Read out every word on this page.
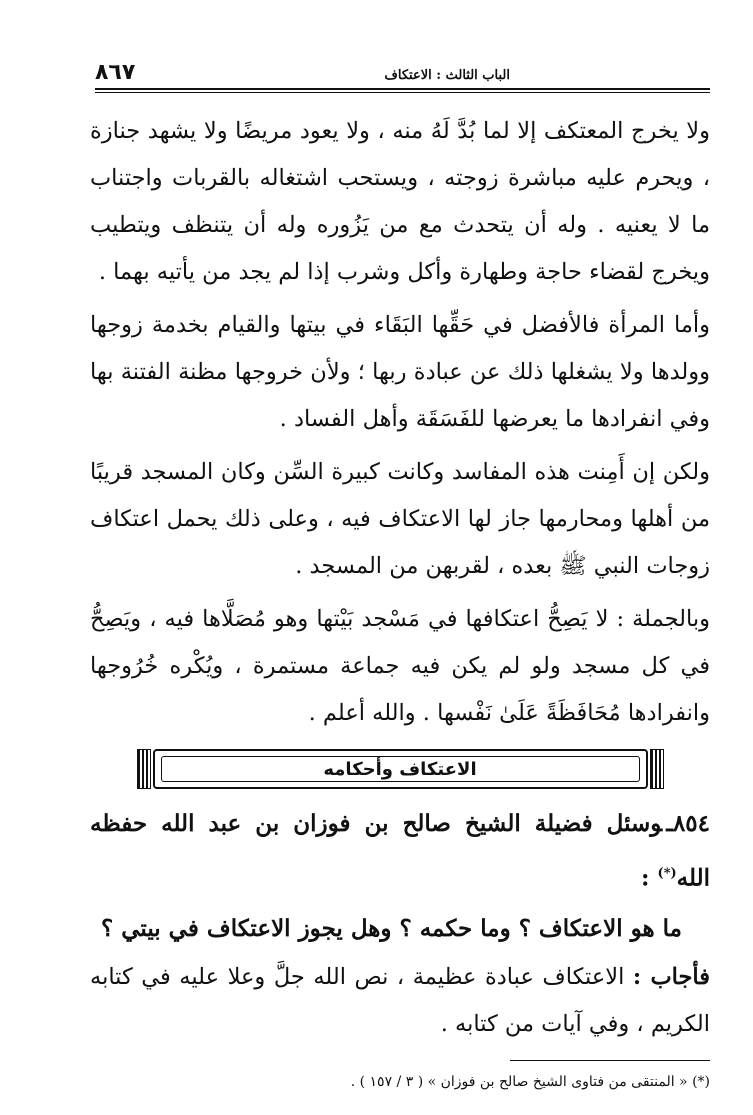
٨٦٧	الباب الثالث : الاعتكاف

ولا يخرج المعتكف إلا لما بُدَّ لَهُ منه ، ولا يعود مريضًا ولا يشهد جنازة ، ويحرم عليه مباشرة زوجته ، ويستحب اشتغاله بالقربات واجتناب ما لا يعنيه . وله أن يتحدث مع من يَزُوره وله أن يتنظف ويتطيب ويخرج لقضاء حاجة وطهارة وأكل وشرب إذا لم يجد من يأتيه بهما .

وأما المرأة فالأفضل في حَقِّها البَقَاء في بيتها والقيام بخدمة زوجها وولدها ولا يشغلها ذلك عن عبادة ربها ؛ ولأن خروجها مظنة الفتنة بها وفي انفرادها ما يعرضها للفَسَقَة وأهل الفساد .

ولكن إن أَمِنت هذه المفاسد وكانت كبيرة السِّن وكان المسجد قريبًا من أهلها ومحارمها جاز لها الاعتكاف فيه ، وعلى ذلك يحمل اعتكاف زوجات النبي ﷺ بعده ، لقربهن من المسجد .

وبالجملة : لا يَصِحُّ اعتكافها في مَسْجد بَيْتها وهو مُصَلَّاها فيه ، ويَصِحُّ في كل مسجد ولو لم يكن فيه جماعة مستمرة ، ويُكْره خُرُوجها وانفرادها مُحَافَظَةً عَلَىٰ نَفْسها . والله أعلم .

الاعتكاف وأحكامه

٨٥٤ـوسئل فضيلة الشيخ صالح بن فوزان بن عبد الله حفظه الله(*) :

ما هو الاعتكاف ؟ وما حكمه ؟ وهل يجوز الاعتكاف في بيتي ؟

فأجاب : الاعتكاف عبادة عظيمة ، نص الله جلَّ وعلا عليه في كتابه الكريم ، وفي آيات من كتابه .

(*) « المنتقى من فتاوى الشيخ صالح بن فوزان » ( ٣ / ١٥٧ ) .
